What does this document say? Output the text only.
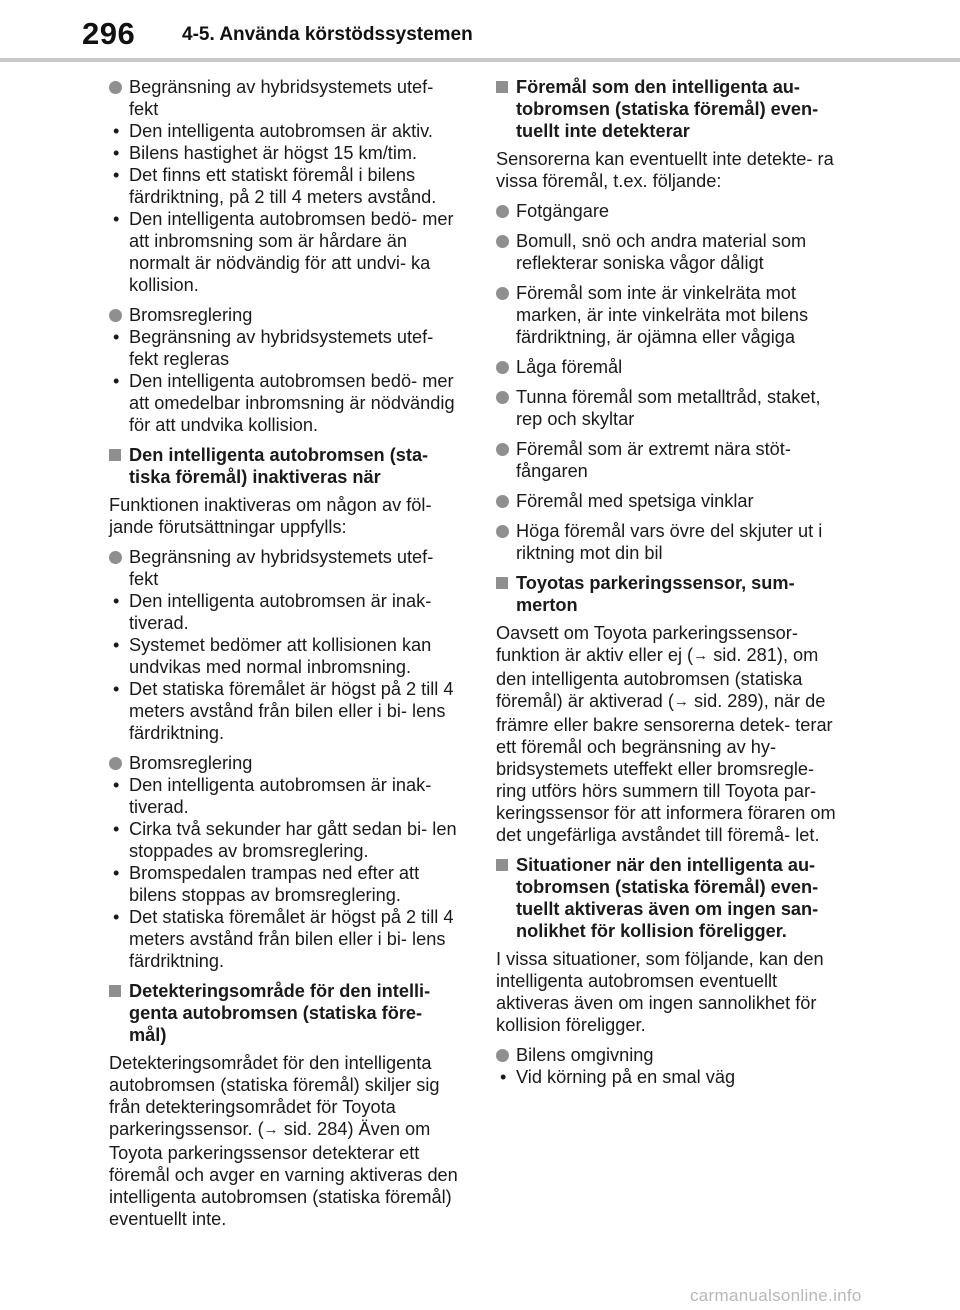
296 4-5. Använda körstödssystemen
Begränsning av hybridsystemets utef- fekt
• Den intelligenta autobromsen är aktiv.
• Bilens hastighet är högst 15 km/tim.
• Det finns ett statiskt föremål i bilens färdriktning, på 2 till 4 meters avstånd.
• Den intelligenta autobromsen bedö- mer att inbromsning som är hårdare än normalt är nödvändig för att undvi- ka kollision.
Bromsreglering
• Begränsning av hybridsystemets utef- fekt regleras
• Den intelligenta autobromsen bedö- mer att omedelbar inbromsning är nödvändig för att undvika kollision.
Den intelligenta autobromsen (sta- tiska föremål) inaktiveras när

Funktionen inaktiveras om någon av föl- jande förutsättningar uppfylls:

Begränsning av hybridsystemets utef- fekt
• Den intelligenta autobromsen är inak- tiverad.
• Systemet bedömer att kollisionen kan undvikas med normal inbromsning.
• Det statiska föremålet är högst på 2 till 4 meters avstånd från bilen eller i bi- lens färdriktning.
Bromsreglering
• Den intelligenta autobromsen är inak- tiverad.
• Cirka två sekunder har gått sedan bi- len stoppades av bromsreglering.
• Bromspedalen trampas ned efter att bilens stoppas av bromsreglering.
• Det statiska föremålet är högst på 2 till 4 meters avstånd från bilen eller i bi- lens färdriktning.
Detekteringsområde för den intelli- genta autobromsen (statiska före- mål)

Detekteringsområdet för den intelligenta autobromsen (statiska föremål) skiljer sig från detekteringsområdet för Toyota parkeringssensor. (→ sid. 284) Även om Toyota parkeringssensor detekterar ett föremål och avger en varning aktiveras den intelligenta autobromsen (statiska föremål) eventuellt inte.

Föremål som den intelligenta au- tobromsen (statiska föremål) even- tuellt inte detekterar

Sensorerna kan eventuellt inte detekte- ra vissa föremål, t.ex. följande:

Fotgängare
Bomull, snö och andra material som reflekterar soniska vågor dåligt
Föremål som inte är vinkelräta mot marken, är inte vinkelräta mot bilens färdriktning, är ojämna eller vågiga
Låga föremål
Tunna föremål som metalltråd, staket, rep och skyltar
Föremål som är extremt nära stöt- fångaren
Föremål med spetsiga vinklar
Höga föremål vars övre del skjuter ut i riktning mot din bil
Toyotas parkeringssensor, sum- merton

Oavsett om Toyota parkeringssensor- funktion är aktiv eller ej (→ sid. 281), om den intelligenta autobromsen (statiska föremål) är aktiverad (→ sid. 289), när de främre eller bakre sensorerna detek- terar ett föremål och begränsning av hy- bridsystemets uteffekt eller bromsregle- ring utförs hörs summern till Toyota par- keringssensor för att informera föraren om det ungefärliga avståndet till föremå- let.

Situationer när den intelligenta au- tobromsen (statiska föremål) even- tuellt aktiveras även om ingen san- nolikhet för kollision föreligger.

I vissa situationer, som följande, kan den intelligenta autobromsen eventuellt aktiveras även om ingen sannolikhet för kollision föreligger.

Bilens omgivning
• Vid körning på en smal väg
carmanualsonline.info
